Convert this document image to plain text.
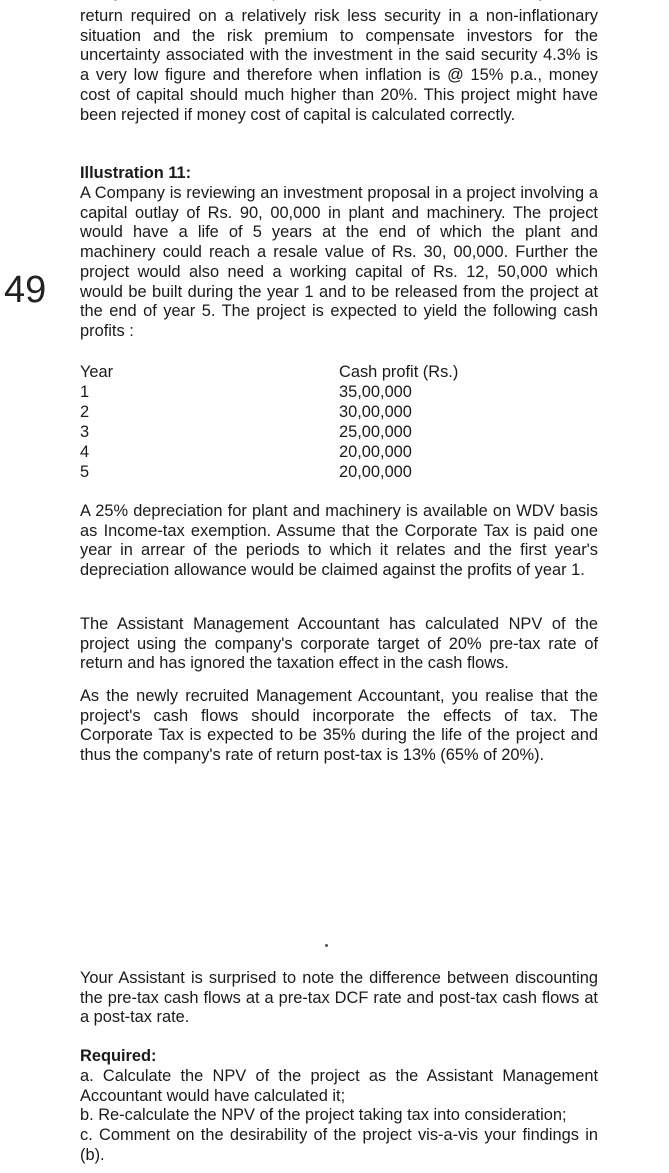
49

return required on a relatively risk less security in a non-inflationary situation and the risk premium to compensate investors for the uncertainty associated with the investment in the said security 4.3% is a very low figure and therefore when inflation is @ 15% p.a., money cost of capital should much higher than 20%. This project might have been rejected if money cost of capital is calculated correctly.

Illustration 11:

A Company is reviewing an investment proposal in a project involving a capital outlay of Rs. 90, 00,000 in plant and machinery. The project would have a life of 5 years at the end of which the plant and machinery could reach a resale value of Rs. 30, 00,000. Further the project would also need a working capital of Rs. 12, 50,000 which would be built during the year 1 and to be released from the project at the end of year 5. The project is expected to yield the following cash profits :

Year
1
2
3
4
5
Cash profit (Rs.)
35,00,000
30,00,000
25,00,000
20,00,000
20,00,000

A 25% depreciation for plant and machinery is available on WDV basis as Income-tax exemption. Assume that the Corporate Tax is paid one year in arrear of the periods to which it relates and the first year's depreciation allowance would be claimed against the profits of year 1.

The Assistant Management Accountant has calculated NPV of the project using the company's corporate target of 20% pre-tax rate of return and has ignored the taxation effect in the cash flows.

As the newly recruited Management Accountant, you realise that the project's cash flows should incorporate the effects of tax. The Corporate Tax is expected to be 35% during the life of the project and thus the company's rate of return post-tax is 13% (65% of 20%).

Your Assistant is surprised to note the difference between discounting the pre-tax cash flows at a pre-tax DCF rate and post-tax cash flows at a post-tax rate.

Required:
a. Calculate the NPV of the project as the Assistant Management Accountant would have calculated it;
b. Re-calculate the NPV of the project taking tax into consideration;
c. Comment on the desirability of the project vis-a-vis your findings in (b).
